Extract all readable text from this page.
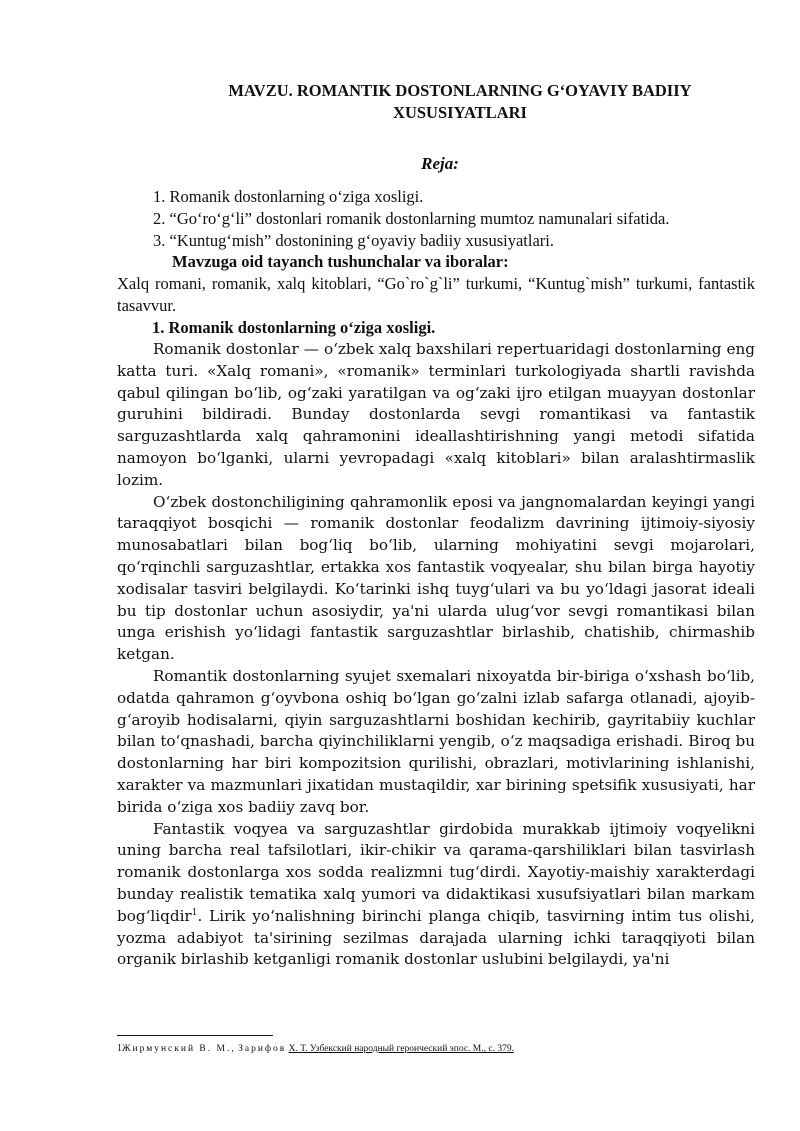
MAVZU. ROMANTIK DOSTONLARNING G‘OYAVIY BADIIY XUSUSIYATLARI
Reja:
1. Romanik dostonlarning o‘ziga xosligi.
2. “Go‘ro‘g‘li” dostonlari romanik dostonlarning mumtoz namunalari sifatida.
3. “Kuntug‘mish” dostonining g‘oyaviy badiiy xususiyatlari.
Mavzuga oid tayanch tushunchalar va iboralar:

Xalq romani, romanik, xalq kitoblari, “Go`ro`g`li” turkumi, “Kuntug`mish” turkumi, fantastik tasavvur.

1. Romanik dostonlarning o‘ziga xosligi.

Romanik dostonlar — o‘zbek xalq baxshilari repertuaridagi dostonlarning eng katta turi. «Xalq romani», «romanik» terminlari turkologiyada shartli ravishda qabul qilingan bo‘lib, og‘zaki yaratilgan va og‘zaki ijro etilgan muayyan dostonlar guruhini bildiradi. Bunday dostonlarda sevgi romantikasi va fantastik sarguzashtlarda xalq qahramonini ideallashtirishning yangi metodi sifatida namoyon bo‘lganki, ularni yevropadagi «xalq kitoblari» bilan aralashtirmaslik lozim.

O‘zbek dostonchiligining qahramonlik eposi va jangnomalardan keyingi yangi taraqqiyot bosqichi — romanik dostonlar feodalizm davrining ijtimoiy-siyosiy munosabatlari bilan bog‘liq bo‘lib, ularning mohiyatini sevgi mojarolari, qo‘rqinchli sarguzashtlar, ertakka xos fantastik voqyealar, shu bilan birga hayotiy xodisalar tasviri belgilaydi. Ko‘tarinki ishq tuyg‘ulari va bu yo‘ldagi jasorat ideali bu tip dostonlar uchun asosiydir, ya'ni ularda ulug‘vor sevgi romantikasi bilan unga erishish yo‘lidagi fantastik sarguzashtlar birlashib, chatishib, chirmashib ketgan.

Romantik dostonlarning syujet sxemalari nixoyatda bir-biriga o‘xshash bo‘lib, odatda qahramon g‘oyvbona oshiq bo‘lgan go‘zalni izlab safarga otlanadi, ajoyib-g‘aroyib hodisalarni, qiyin sarguzashtlarni boshidan kechirib, gayritabiiy kuchlar bilan to‘qnashadi, barcha qiyinchiliklarni yengib, o‘z maqsadiga erishadi. Biroq bu dostonlarning har biri kompozitsion qurilishi, obrazlari, motivlarining ishlanishi, xarakter va mazmunlari jixatidan mustaqildir, xar birining spetsifik xususiyati, har birida o‘ziga xos badiiy zavq bor.

Fantastik voqyea va sarguzashtlar girdobida murakkab ijtimoiy voqyelikni uning barcha real tafsilotlari, ikir-chikir va qarama-qarshiliklari bilan tasvirlash romanik dostonlarga xos sodda realizmni tug‘dirdi. Xayotiy-maishiy xarakterdagi bunday realistik tematika xalq yumori va didaktikasi xusufsiyatlari bilan markam bog‘liqdir$^1$. Lirik yo‘nalishning birinchi planga chiqib, tasvirning intim tus olishi, yozma adabiyot ta'sirining sezilmas darajada ularning ichki taraqqiyoti bilan organik birlashib ketganligi romanik dostonlar uslubini belgilaydi, ya'ni

1Жирмунский В. М., Зарифов Х. Т. Узбекский народный героический эпос. М., с. 379.
